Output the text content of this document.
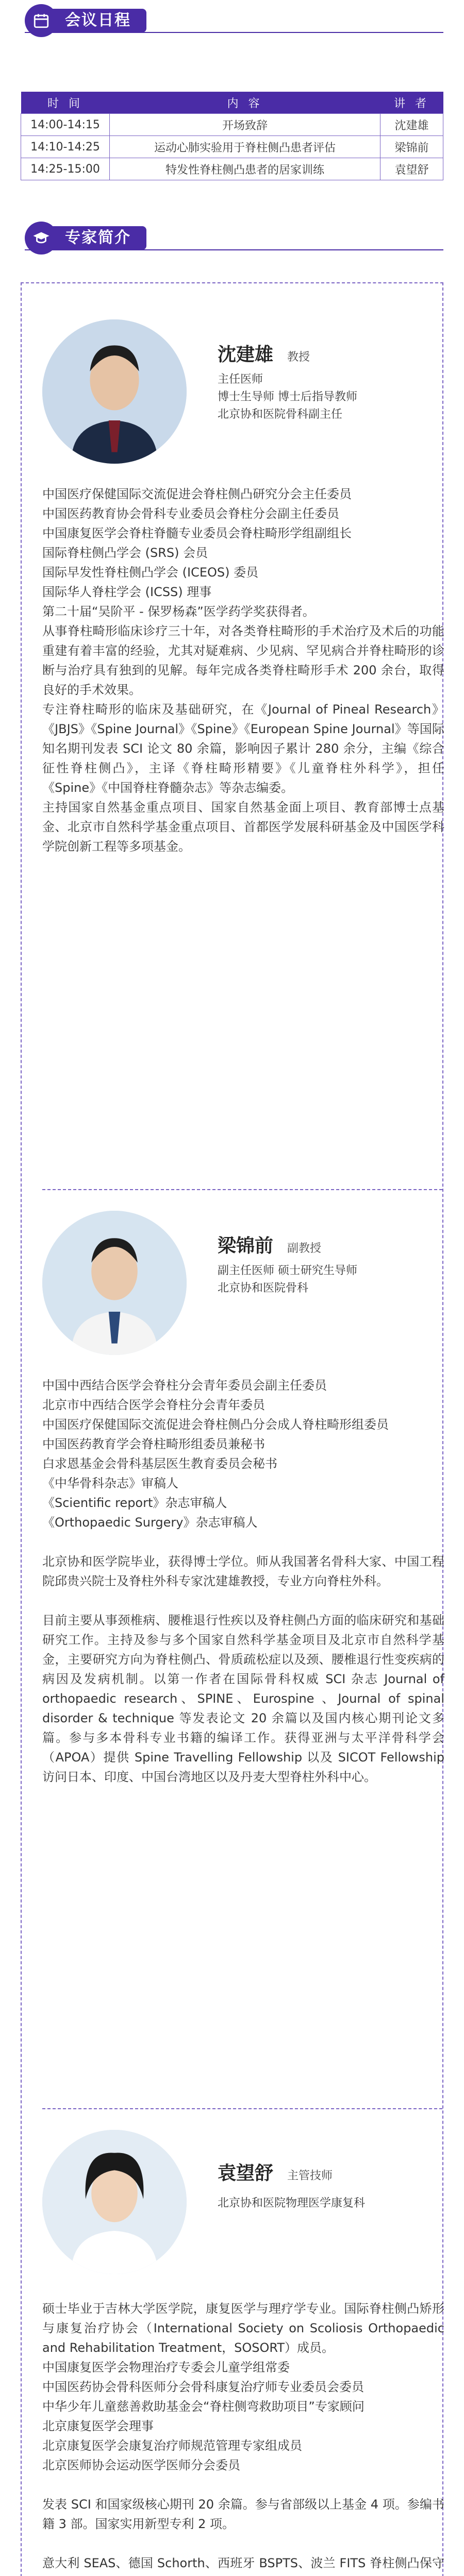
会议日程
时 间	内 容	讲 者
14:00-14:15	开场致辞	沈建雄
14:10-14:25	运动心肺实验用于脊柱侧凸患者评估	梁锦前
14:25-15:00	特发性脊柱侧凸患者的居家训练	袁望舒
专家简介
沈建雄 教授
主任医师
博士生导师 博士后指导教师
北京协和医院骨科副主任

中国医疗保健国际交流促进会脊柱侧凸研究分会主任委员

中国医药教育协会骨科专业委员会脊柱分会副主任委员

中国康复医学会脊柱脊髓专业委员会脊柱畸形学组副组长

国际脊柱侧凸学会 (SRS) 会员

国际早发性脊柱侧凸学会 (ICEOS) 委员

国际华人脊柱学会 (ICSS) 理事

第二十届“吴阶平 - 保罗杨森”医学药学奖获得者。

从事脊柱畸形临床诊疗三十年，对各类脊柱畸形的手术治疗及术后的功能重建有着丰富的经验，尤其对疑难病、少见病、罕见病合并脊柱畸形的诊断与治疗具有独到的见解。每年完成各类脊柱畸形手术 200 余台，取得良好的手术效果。

专注脊柱畸形的临床及基础研究，在《Journal of Pineal Research》《JBJS》《Spine Journal》《Spine》《European Spine Journal》等国际知名期刊发表 SCI 论文 80 余篇，影响因子累计 280 余分，主编《综合征性脊柱侧凸》，主译《脊柱畸形精要》《儿童脊柱外科学》，担任《Spine》《中国脊柱脊髓杂志》等杂志编委。

主持国家自然基金重点项目、国家自然基金面上项目、教育部博士点基金、北京市自然科学基金重点项目、首都医学发展科研基金及中国医学科学院创新工程等多项基金。

梁锦前 副教授
副主任医师 硕士研究生导师
北京协和医院骨科

中国中西结合医学会脊柱分会青年委员会副主任委员

北京市中西结合医学会脊柱分会青年委员

中国医疗保健国际交流促进会脊柱侧凸分会成人脊柱畸形组委员

中国医药教育学会脊柱畸形组委员兼秘书

白求恩基金会骨科基层医生教育委员会秘书

《中华骨科杂志》审稿人

《Scientific report》杂志审稿人

《Orthopaedic Surgery》杂志审稿人

北京协和医学院毕业，获得博士学位。师从我国著名骨科大家、中国工程院邱贵兴院士及脊柱外科专家沈建雄教授，专业方向脊柱外科。

目前主要从事颈椎病、腰椎退行性疾以及脊柱侧凸方面的临床研究和基础研究工作。主持及参与多个国家自然科学基金项目及北京市自然科学基金，主要研究方向为脊柱侧凸、骨质疏松症以及颈、腰椎退行性变疾病的病因及发病机制。以第一作者在国际骨科权威 SCI 杂志 Journal of orthopaedic research、SPINE、Eurospine 、Journal of spinal disorder & technique 等发表论文 20 余篇以及国内核心期刊论文多篇。参与多本骨科专业书籍的编译工作。获得亚洲与太平洋骨科学会（APOA）提供 Spine Travelling Fellowship 以及 SICOT Fellowship 访问日本、印度、中国台湾地区以及丹麦大型脊柱外科中心。

袁望舒 主管技师
北京协和医院物理医学康复科

硕士毕业于吉林大学医学院，康复医学与理疗学专业。国际脊柱侧凸矫形与康复治疗协会（International Society on Scoliosis Orthopaedic and Rehabilitation Treatment，SOSORT）成员。

中国康复医学会物理治疗专委会儿童学组常委

中国医药协会骨科医师分会骨科康复治疗师专业委员会委员

中华少年儿童慈善救助基金会“脊柱侧弯救助项目”专家顾问

北京康复医学会理事

北京康复医学会康复治疗师规范管理专家组成员

北京医师协会运动医学医师分会委员

发表 SCI 和国家级核心期刊 20 余篇。参与省部级以上基金 4 项。参编书籍 3 部。国家实用新型专利 2 项。

意大利 SEAS、德国 Schorth、西班牙 BSPTS、波兰 FITS 脊柱侧凸保守
